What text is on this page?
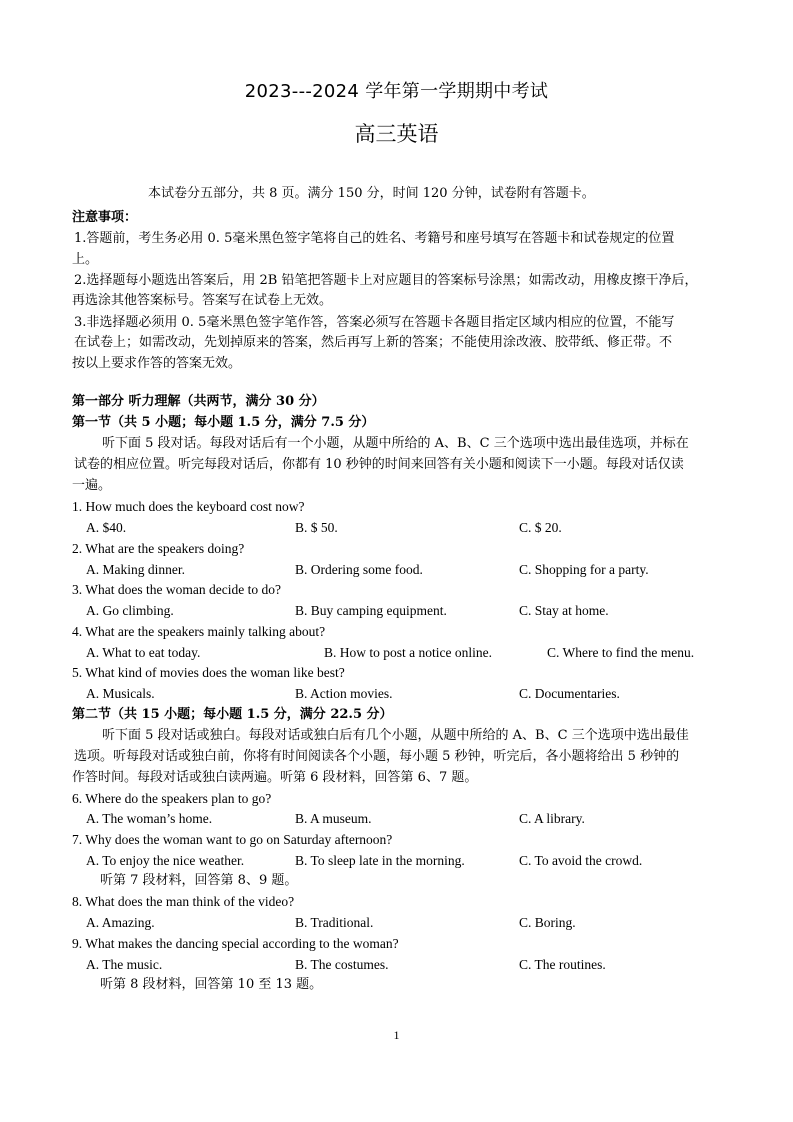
2023---2024 学年第一学期期中考试
高三英语
本试卷分五部分，共 8 页。满分 150 分，时间 120 分钟，试卷附有答题卡。
注意事项：
1.答题前，考生务必用 0. 5毫米黑色签字笔将自己的姓名、考籍号和座号填写在答题卡和试卷规定的位置
上。
2.选择题每小题选出答案后，用 2B 铅笔把答题卡上对应题目的答案标号涂黑；如需改动，用橡皮擦干净后，
再选涂其他答案标号。答案写在试卷上无效。
3.非选择题必须用 0. 5毫米黑色签字笔作答，答案必须写在答题卡各题目指定区域内相应的位置，不能写
在试卷上；如需改动，先划掉原来的答案，然后再写上新的答案；不能使用涂改液、胶带纸、修正带。不
按以上要求作答的答案无效。
第一部分 听力理解（共两节，满分 30 分）
第一节（共 5 小题；每小题 1.5 分，满分 7.5 分）
听下面 5 段对话。每段对话后有一个小题，从题中所给的 A、B、C 三个选项中选出最佳选项，并标在
试卷的相应位置。听完每段对话后，你都有 10 秒钟的时间来回答有关小题和阅读下一小题。每段对话仅读
一遍。
1. How much does the keyboard cost now?
A. $40.	B. $ 50.	C. $ 20.
2. What are the speakers doing?
A. Making dinner.	B. Ordering some food.	C. Shopping for a party.
3. What does the woman decide to do?
A. Go climbing.	B. Buy camping equipment.	C. Stay at home.
4. What are the speakers mainly talking about?
A. What to eat today.	B. How to post a notice online.	C. Where to find the menu.
5. What kind of movies does the woman like best?
A. Musicals.	B. Action movies.	C. Documentaries.
第二节（共 15 小题；每小题 1.5 分，满分 22.5 分）
听下面 5 段对话或独白。每段对话或独白后有几个小题，从题中所给的 A、B、C 三个选项中选出最佳
选项。听每段对话或独白前，你将有时间阅读各个小题，每小题 5 秒钟，听完后，各小题将给出 5 秒钟的
作答时间。每段对话或独白读两遍。听第 6 段材料，回答第 6、7 题。
6. Where do the speakers plan to go?
A. The woman’s home.	B. A museum.	C. A library.
7. Why does the woman want to go on Saturday afternoon?
A. To enjoy the nice weather.	B. To sleep late in the morning.	C. To avoid the crowd.
听第 7 段材料，回答第 8、9 题。
8. What does the man think of the video?
A. Amazing.	B. Traditional.	C. Boring.
9. What makes the dancing special according to the woman?
A. The music.	B. The costumes.	C. The routines.
听第 8 段材料，回答第 10 至 13 题。
1
